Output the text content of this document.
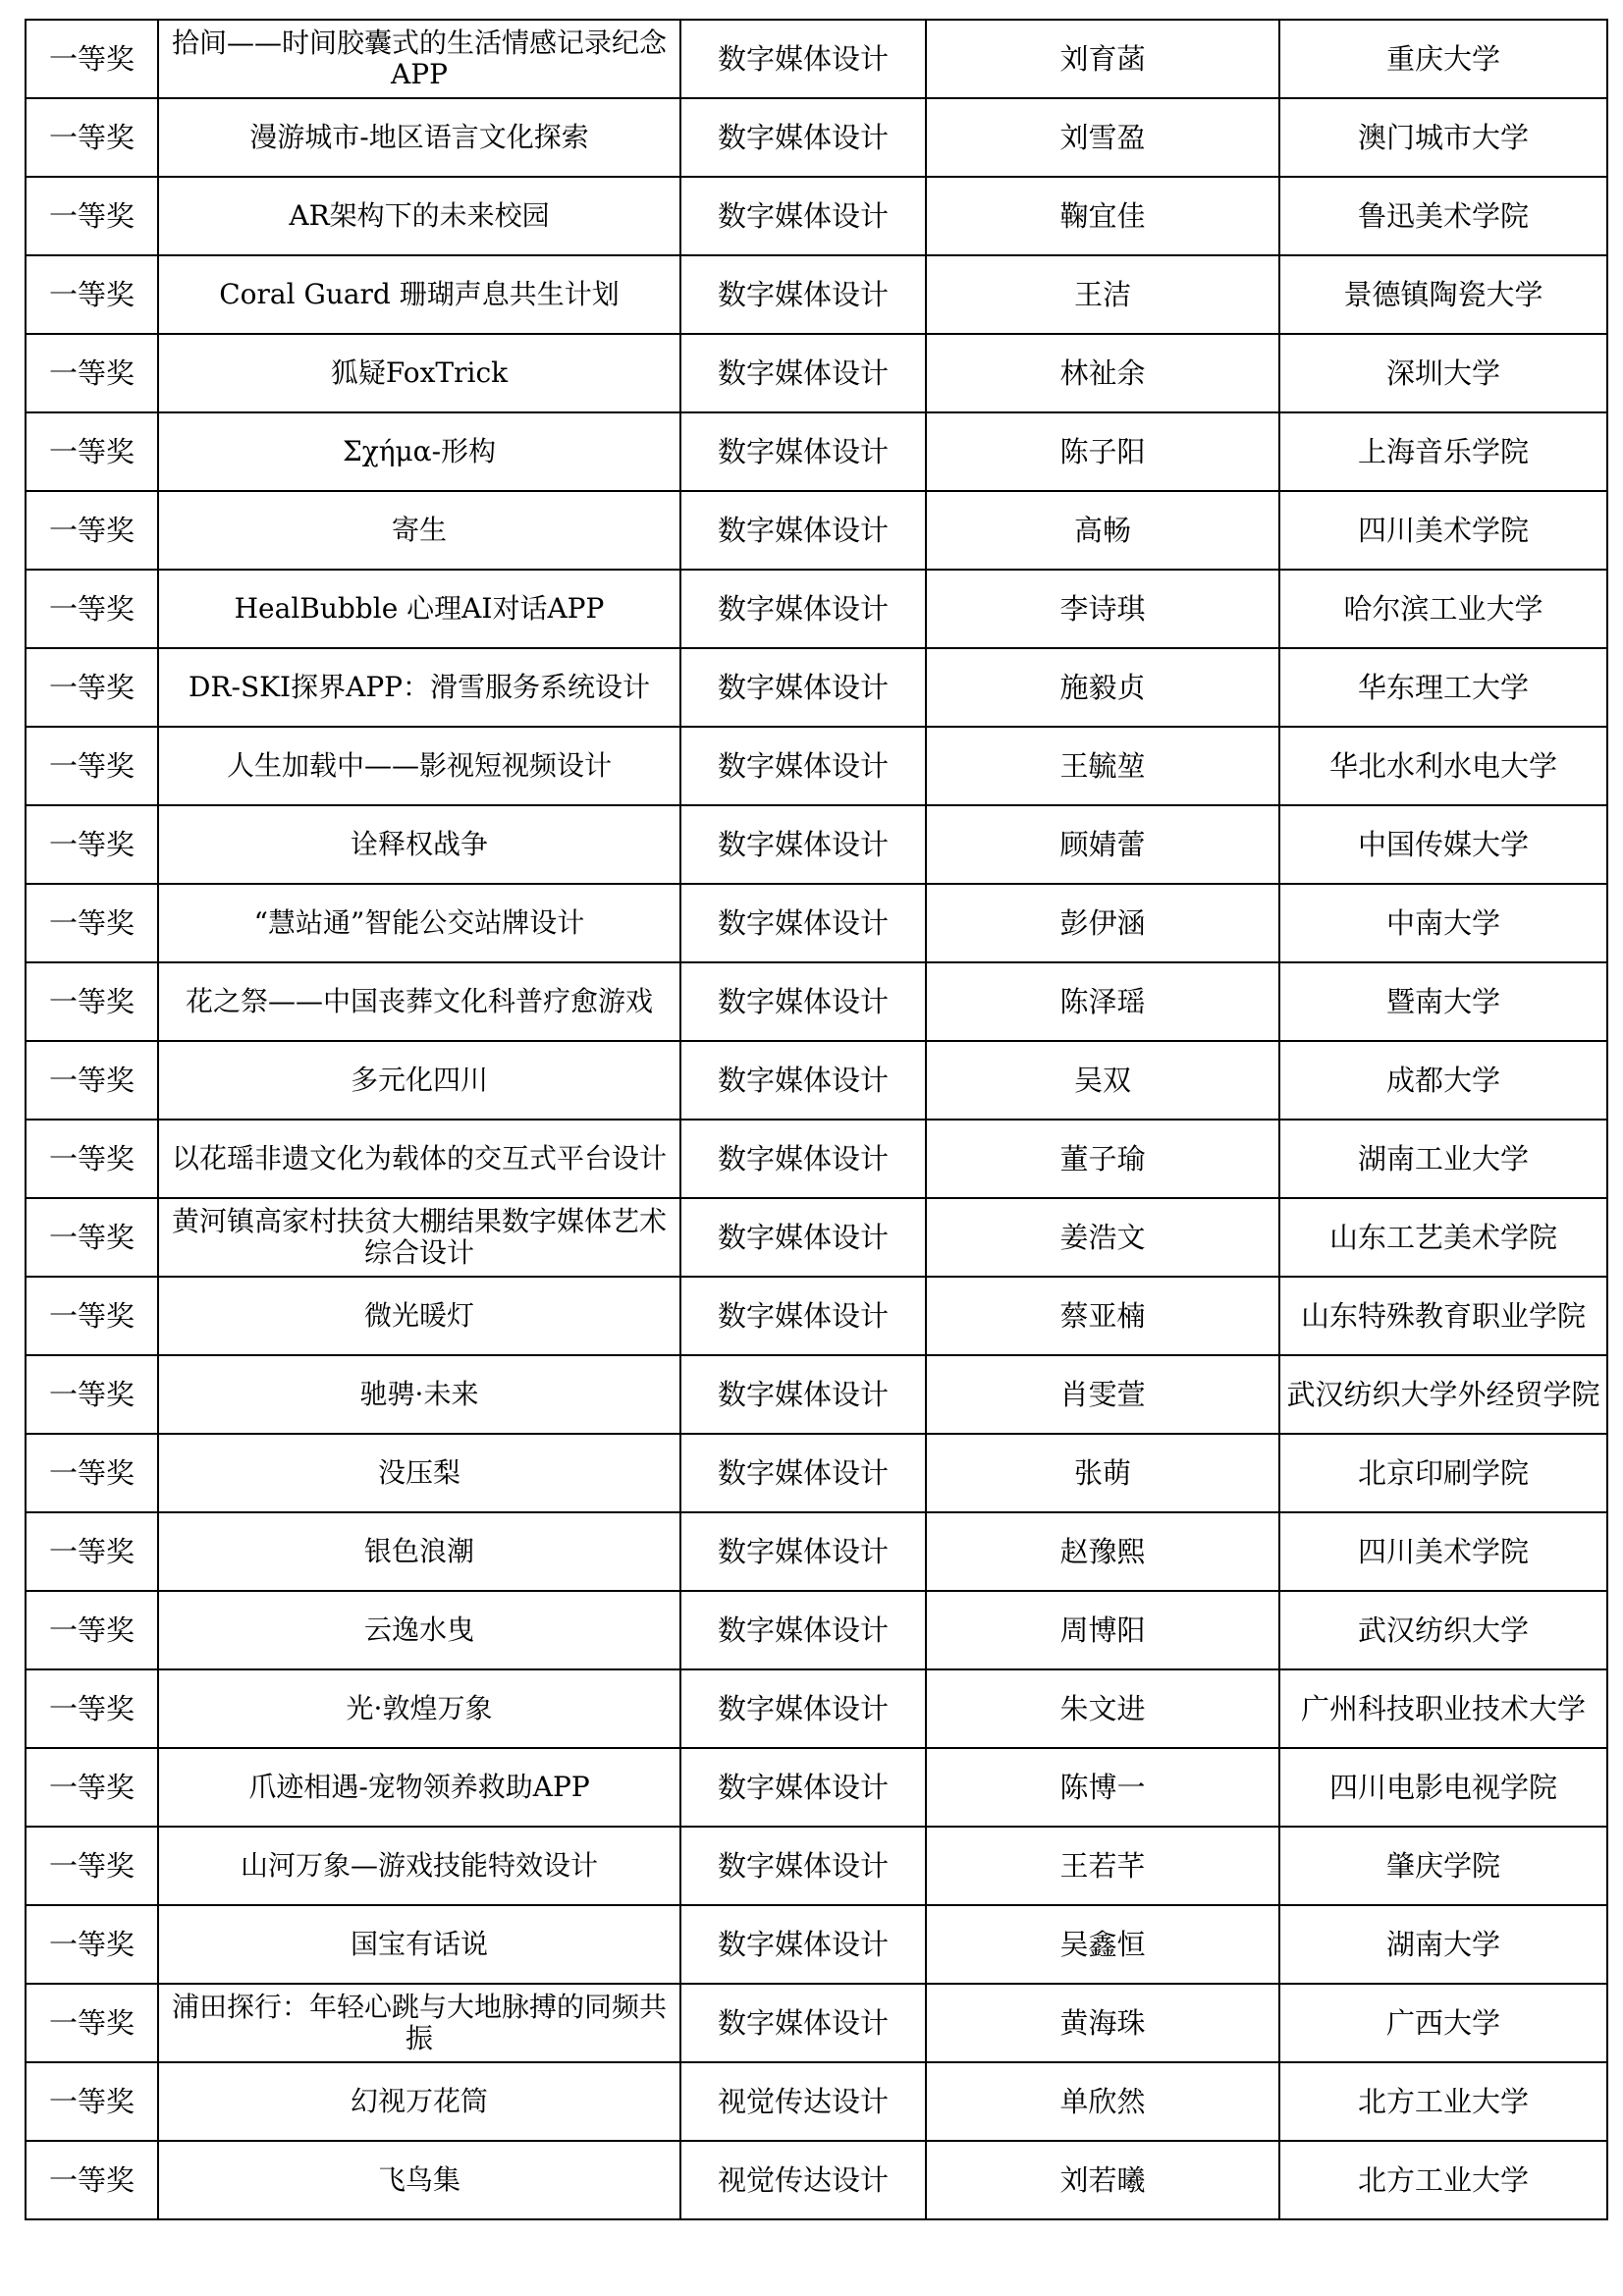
一等奖	拾间——时间胶囊式的生活情感记录纪念APP	数字媒体设计	刘育菡	重庆大学
一等奖	漫游城市-地区语言文化探索	数字媒体设计	刘雪盈	澳门城市大学
一等奖	AR架构下的未来校园	数字媒体设计	鞠宜佳	鲁迅美术学院
一等奖	Coral Guard 珊瑚声息共生计划	数字媒体设计	王洁	景德镇陶瓷大学
一等奖	狐疑FoxTrick	数字媒体设计	林祉余	深圳大学
一等奖	Σχήμα-形构	数字媒体设计	陈子阳	上海音乐学院
一等奖	寄生	数字媒体设计	高畅	四川美术学院
一等奖	HealBubble 心理AI对话APP	数字媒体设计	李诗琪	哈尔滨工业大学
一等奖	DR-SKI探界APP：滑雪服务系统设计	数字媒体设计	施毅贞	华东理工大学
一等奖	人生加载中——影视短视频设计	数字媒体设计	王毓堃	华北水利水电大学
一等奖	诠释权战争	数字媒体设计	顾婧蕾	中国传媒大学
一等奖	“慧站通”智能公交站牌设计	数字媒体设计	彭伊涵	中南大学
一等奖	花之祭——中国丧葬文化科普疗愈游戏	数字媒体设计	陈泽瑶	暨南大学
一等奖	多元化四川	数字媒体设计	吴双	成都大学
一等奖	以花瑶非遗文化为载体的交互式平台设计	数字媒体设计	董子瑜	湖南工业大学
一等奖	黄河镇高家村扶贫大棚结果数字媒体艺术综合设计	数字媒体设计	姜浩文	山东工艺美术学院
一等奖	微光暖灯	数字媒体设计	蔡亚楠	山东特殊教育职业学院
一等奖	驰骋·未来	数字媒体设计	肖雯萱	武汉纺织大学外经贸学院
一等奖	没压梨	数字媒体设计	张萌	北京印刷学院
一等奖	银色浪潮	数字媒体设计	赵豫熙	四川美术学院
一等奖	云逸水曳	数字媒体设计	周博阳	武汉纺织大学
一等奖	光·敦煌万象	数字媒体设计	朱文进	广州科技职业技术大学
一等奖	爪迹相遇-宠物领养救助APP	数字媒体设计	陈博一	四川电影电视学院
一等奖	山河万象—游戏技能特效设计	数字媒体设计	王若芊	肇庆学院
一等奖	国宝有话说	数字媒体设计	吴鑫恒	湖南大学
一等奖	浦田探行：年轻心跳与大地脉搏的同频共振	数字媒体设计	黄海珠	广西大学
一等奖	幻视万花筒	视觉传达设计	单欣然	北方工业大学
一等奖	飞鸟集	视觉传达设计	刘若曦	北方工业大学
